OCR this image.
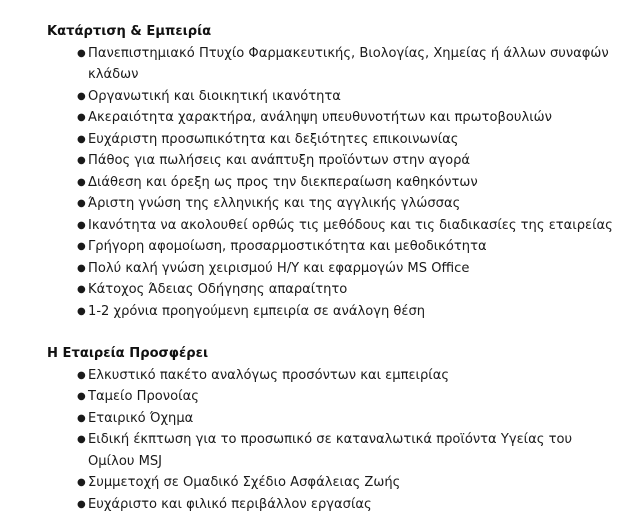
Κατάρτιση & Εμπειρία
● Πανεπιστημιακό Πτυχίο Φαρμακευτικής, Βιολογίας, Χημείας ή άλλων συναφών κλάδων
● Οργανωτική και διοικητική ικανότητα
● Ακεραιότητα χαρακτήρα, ανάληψη υπευθυνοτήτων και πρωτοβουλιών
● Ευχάριστη προσωπικότητα και δεξιότητες επικοινωνίας
● Πάθος για πωλήσεις και ανάπτυξη προϊόντων στην αγορά
● Διάθεση και όρεξη ως προς την διεκπεραίωση καθηκόντων
● Άριστη γνώση της ελληνικής και της αγγλικής γλώσσας
● Ικανότητα να ακολουθεί ορθώς τις μεθόδους και τις διαδικασίες της εταιρείας
● Γρήγορη αφομοίωση, προσαρμοστικότητα και μεθοδικότητα
● Πολύ καλή γνώση χειρισμού Η/Υ και εφαρμογών MS Office
● Κάτοχος Άδειας Οδήγησης απαραίτητο
● 1-2 χρόνια προηγούμενη εμπειρία σε ανάλογη θέση
Η Εταιρεία Προσφέρει
● Ελκυστικό πακέτο αναλόγως προσόντων και εμπειρίας
● Ταμείο Προνοίας
● Εταιρικό Όχημα
● Ειδική έκπτωση για το προσωπικό σε καταναλωτικά προϊόντα Υγείας του Ομίλου MSJ
● Συμμετοχή σε Ομαδικό Σχέδιο Ασφάλειας Ζωής
● Ευχάριστο και φιλικό περιβάλλον εργασίας
